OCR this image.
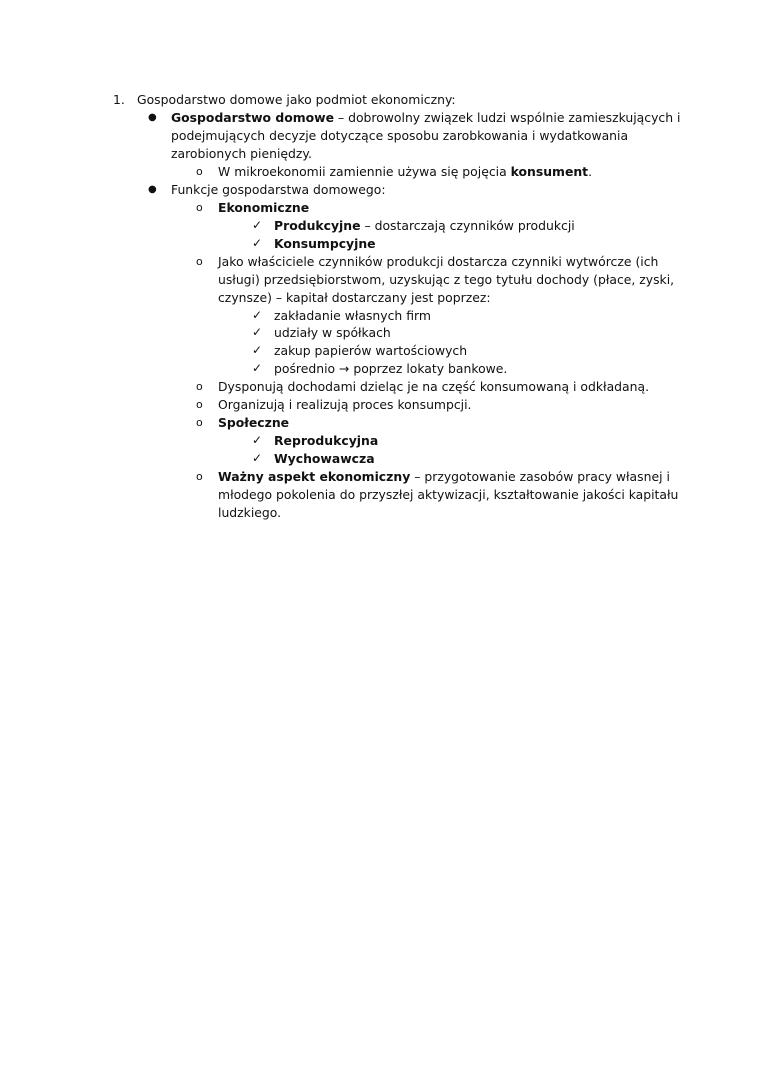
1. Gospodarstwo domowe jako podmiot ekonomiczny:
● Gospodarstwo domowe – dobrowolny związek ludzi wspólnie zamieszkujących i
podejmujących decyzje dotyczące sposobu zarobkowania i wydatkowania
zarobionych pieniędzy.
o W mikroekonomii zamiennie używa się pojęcia konsument.
● Funkcje gospodarstwa domowego:
o Ekonomiczne
✓ Produkcyjne – dostarczają czynników produkcji
✓ Konsumpcyjne
o Jako właściciele czynników produkcji dostarcza czynniki wytwórcze (ich
usługi) przedsiębiorstwom, uzyskując z tego tytułu dochody (płace, zyski,
czynsze) – kapitał dostarczany jest poprzez:
✓ zakładanie własnych firm
✓ udziały w spółkach
✓ zakup papierów wartościowych
✓ pośrednio → poprzez lokaty bankowe.
o Dysponują dochodami dzieląc je na część konsumowaną i odkładaną.
o Organizują i realizują proces konsumpcji.
o Społeczne
✓ Reprodukcyjna
✓ Wychowawcza
o Ważny aspekt ekonomiczny – przygotowanie zasobów pracy własnej i
młodego pokolenia do przyszłej aktywizacji, kształtowanie jakości kapitału
ludzkiego.
